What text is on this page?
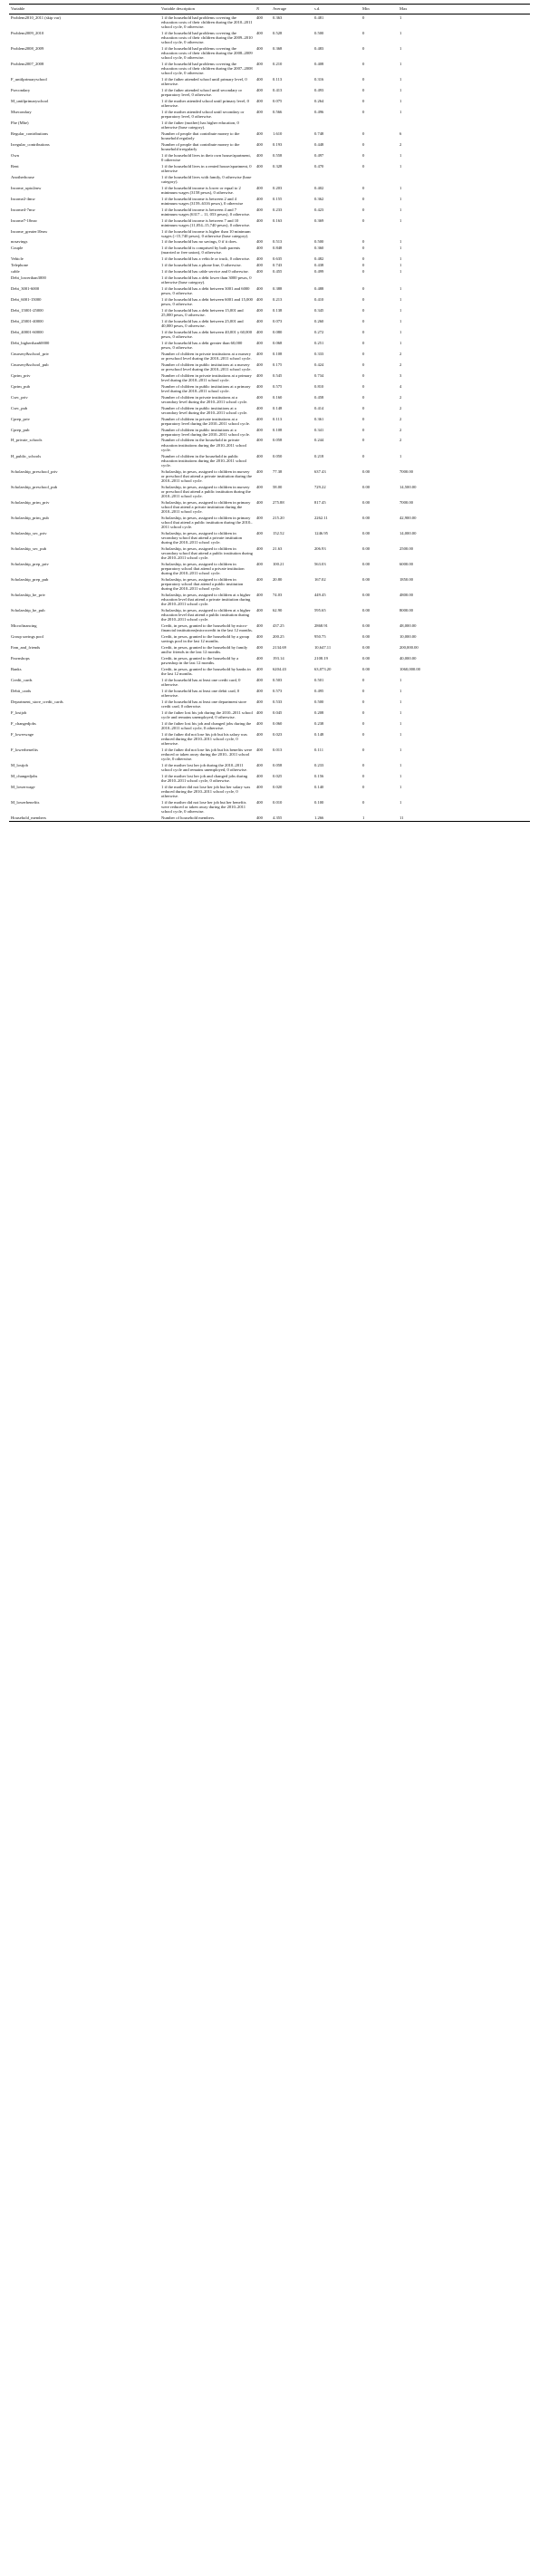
Variable	Variable description	N	Average	s.d.	Min	Max
Problem2010_2011 (skip var)	1 if the household had problems covering the education costs of their children during the 2010–2011 school cycle, 0 otherwise.	400	0.363	0.481	0	1
Problem2009_2010	1 if the household had problems covering the education costs of their children during the 2009–2010 school cycle, 0 otherwise.	400	0.528	0.500	0	1
Problem2008_2009	1 if the household had problems covering the education costs of their children during the 2008–2009 school cycle, 0 otherwise.	400	0.368	0.483	0	1
Problem2007_2008	1 if the household had problems covering the education costs of their children during the 2007–2008 school cycle, 0 otherwise.	400	0.210	0.408	0	1
F_untilprimaryschool	1 if the father attended school until primary level, 0 otherwise.	400	0.113	0.316	0	1
Fsecondary	1 if the father attended school until secondary or preparatory level, 0 otherwise.	400	0.413	0.493	0	1
M_untilprimaryschool	1 if the mother attended school until primary level, 0 otherwise.	400	0.075	0.264	0	1
Msecondary	1 if the mother attended school until secondary or preparatory level, 0 otherwise.	400	0.566	0.496	0	1
Fhe (Mhe)	1 if the father (mother) has higher education, 0 otherwise (base category).					
Regular_contributions	Number of people that contribute money to the household regularly	400	1.610	0.748	0	6
Irregular_contributions	Number of people that contribute money to the household irregularly	400	0.193	0.448	0	2
Own	1 if the household lives in their own house/apartment, 0 otherwise	400	0.558	0.497	0	1
Rent	1 if the household lives in a rented house/apartment, 0 otherwise	400	0.328	0.470	0	1
Anotherhouse	1 if the household lives with family, 0 otherwise (base category).					
Income_upto2mw	1 if the household income is lower or equal to 2 minimum wages (3158 pesos), 0 otherwise.	400	0.203	0.402	0	1
Income2-4mw	1 if the household income is between 2 and 4 minimum wages (3159–6316 pesos), 0 otherwise	400	0.155	0.362	0	1
Income4-7mw	1 if the household income is between 4 and 7 minimum wages (6317 – 11, 053 pesos), 0 otherwise.	400	0.233	0.423	0	1
Income7-10mw	1 if the household income is between 7 and 10 minimum wages (11,054–15,740 pesos), 0 otherwise.	400	0.163	0.369	0	1
Income_greater10mw	1 if the household income is higher than 10 minimum wages (>15,740 pesos), 0 otherwise (base category).					
nosavings	1 if the household has no savings, 0 if it does.	400	0.513	0.500	0	1
Couple	1 if the household is comprised by both parents (married or free union), 0 otherwise.	400	0.848	0.360	0	1
Vehicle	1 if the household has a vehicle or truck, 0 otherwise.	400	0.635	0.482	0	1
Telephone	1 if the household has a phone line, 0 otherwise.	400	0.743	0.438	0	1
cable	1 if the household has cable service and 0 otherwise.	400	0.455	0.499	0	1
Debt_lowerthan3000	1 if the household has a debt lower than 3000 pesos, 0 otherwise (base category).					
Debt_3001-6000	1 if the household has a debt between 3001 and 6000 pesos, 0 otherwise.	400	0.388	0.488	0	1
Debt_6001-15000	1 if the household has a debt between 6001 and 15,000 pesos, 0 otherwise.	400	0.213	0.410	0	1
Debt_15001-25000	1 if the household has a debt between 15,001 and 25,000 pesos, 0 otherwise.	400	0.138	0.345	0	1
Debt_25001-40000	1 if the household has a debt between 25,001 and 40,000 pesos, 0 otherwise.	400	0.073	0.260	0	1
Debt_40001-60000	1 if the household has a debt between 40,001 y 60,000 pesos, 0 otherwise.	400	0.080	0.272	0	1
Debt_higherthan60000	1 if the household has a debt greater than 60,000 pesos, 0 otherwise.	400	0.068	0.251	0	1
Cnursery&school_priv	Number of children in private institutions at a nursery or preschool level during the 2010–2011 school cycle.	400	0.108	0.333	0	2
Cnursery&school_pub	Number of children in public institutions at a nursery or preschool level during the 2010–2011 school cycle.	400	0.175	0.424	0	2
Cprim_priv	Number of children in private institutions at a primary level during the 2010–2011 school cycle.	400	0.545	0.734	0	3
Cprim_pub	Number of children in public institutions at a primary level during the 2010–2011 school cycle.	400	0.575	0.810	0	4
Csec_priv	Number of children in private institutions at a secondary level during the 2010–2011 school cycle.	400	0.160	0.458	0	2
Csec_pub	Number of children in public institutions at a secondary level during the 2010–2011 school cycle.	400	0.148	0.414	0	2
Cprep_priv	Number of children in private institutions at a preparatory level during the 2010–2011 school cycle.	400	0.113	0.361	0	2
Cprep_pub	Number of children in public institutions at a preparatory level during the 2010–2011 school cycle.	400	0.108	0.341	0	2
H_private_schools	Number of children in the household in private education institutions during the 2010–2011 school cycle.	400	0.058	0.244	0	2
H_public_schools	Number of children in the household in public education institutions during the 2010–2011 school cycle.	400	0.050	0.218	0	1
Scholarship_preschool_priv	Scholarship, in pesos, assigned to children in nursery or preschool that attend a private institution during the 2010–2011 school cycle.	400	77.38	637.43	0.00	7000.00
Scholarship_preschool_pub	Scholarship, in pesos, assigned to children in nursery or preschool that attend a public institution during the 2010–2011 school cycle.	400	58.00	729.22	0.00	14,500.00
Scholarship_prim_priv	Scholarship, in pesos, assigned to children in primary school that attend a private institution during the 2010–2011 school cycle.	400	275.88	817.45	0.00	7000.00
Scholarship_prim_pub	Scholarship, in pesos, assigned to children in primary school that attend a public institution during the 2010–2011 school cycle.	400	215.20	2262.11	0.00	42,900.00
Scholarship_sec_priv	Scholarship, in pesos, assigned to children in secondary school that attend a private institution during the 2010–2011 school cycle.	400	152.52	1246.95	0.00	14,000.00
Scholarship_sec_pub	Scholarship, in pesos, assigned to children in secondary school that attend a public institution during the 2010–2011 school cycle.	400	21.63	206.93	0.00	2500.00
Scholarship_prep_priv	Scholarship, in pesos, assigned to children in preparatory school that attend a private institution during the 2010–2011 school cycle.	400	100.21	563.03	0.00	6000.00
Scholarship_prep_pub	Scholarship, in pesos, assigned to children in preparatory school that attend a public institution during the 2010–2011 school cycle.	400	20.80	167.02	0.00	1850.00
Scholarship_he_priv	Scholarship, in pesos, assigned to children at a higher education level that attend a private institution during the 2010–2011 school cycle.	400	74.03	449.45	0.00	4800.00
Scholarship_he_pub	Scholarship, in pesos, assigned to children at a higher education level that attend a public institution during the 2010–2011 school cycle.	400	62.90	595.65	0.00	8000.00
Microfinancing	Credit, in pesos, granted to the household by micro-financial institutions(microcredit in the last 12 months.	400	437.25	2868.91	0.00	48,000.00
Group savings pool	Credit, in pesos, granted to the household by a group savings pool in the last 12 months.	400	200.25	950.75	0.00	10,000.00
Fam_and_friends	Credit, in pesos, granted to the household by family and/or friends in the last 12 months.	400	2134.69	10,647.11	0.00	200,000.00
Pawnshops	Credit, in pesos, granted to the household by a pawnshop in the last 12 months.	400	193.14	2108.19	0.00	40,000.00
Banks	Credit, in pesos, granted to the household by banks in the last 12 months.	400	6204.43	63,073.20	0.00	1060,000.00
Credit_cards	1 if the household has at least one credit card, 0 otherwise.	400	0.503	0.501	0	1
Debit_cards	1 if the household has at least one debit card, 0 otherwise.	400	0.573	0.495	0	1
Department_store_credit_cards	1 if the household has at least one department store credit card, 0 otherwise.	400	0.533	0.500	0	1
F_lostjob	1 if the father lost his job during the 2010–2011 school cycle and remains unemployed, 0 otherwise.	400	0.045	0.208	0	1
F_changedjobs	1 if the father lost his job and changed jobs during the 2010–2011 school cycle, 0 otherwise.	400	0.060	0.238	0	1
F_lowerwage	1 if the father did not lose his job but his salary was reduced during the 2010–2011 school cycle, 0 otherwise.	400	0.023	0.148	0	1
F_lowerbenefits	1 if the father did not lose his job but his benefits were reduced or taken away during the 2010– 2011 school cycle, 0 otherwise.	400	0.013	0.111	0	1
M_lostjob	1 if the mother lost her job during the 2010–2011 school cycle and remains unemployed, 0 otherwise.	400	0.058	0.233	0	1
M_changedjobs	1 if the mother lost her job and changed jobs during the 2010–2011 school cycle, 0 otherwise.	400	0.025	0.156	0	1
M_lowerwage	1 if the mother did not lose her job but her salary was reduced during the 2010–2011 school cycle, 0 otherwise.	400	0.020	0.140	0	1
M_lowerbenefits	1 if the mother did not lose her job but her benefits were reduced or taken away during the 2010–2011 school cycle, 0 otherwise.	400	0.010	0.100	0	1
Household_members	Number of household members.	400	4.355	1.266	1	11
